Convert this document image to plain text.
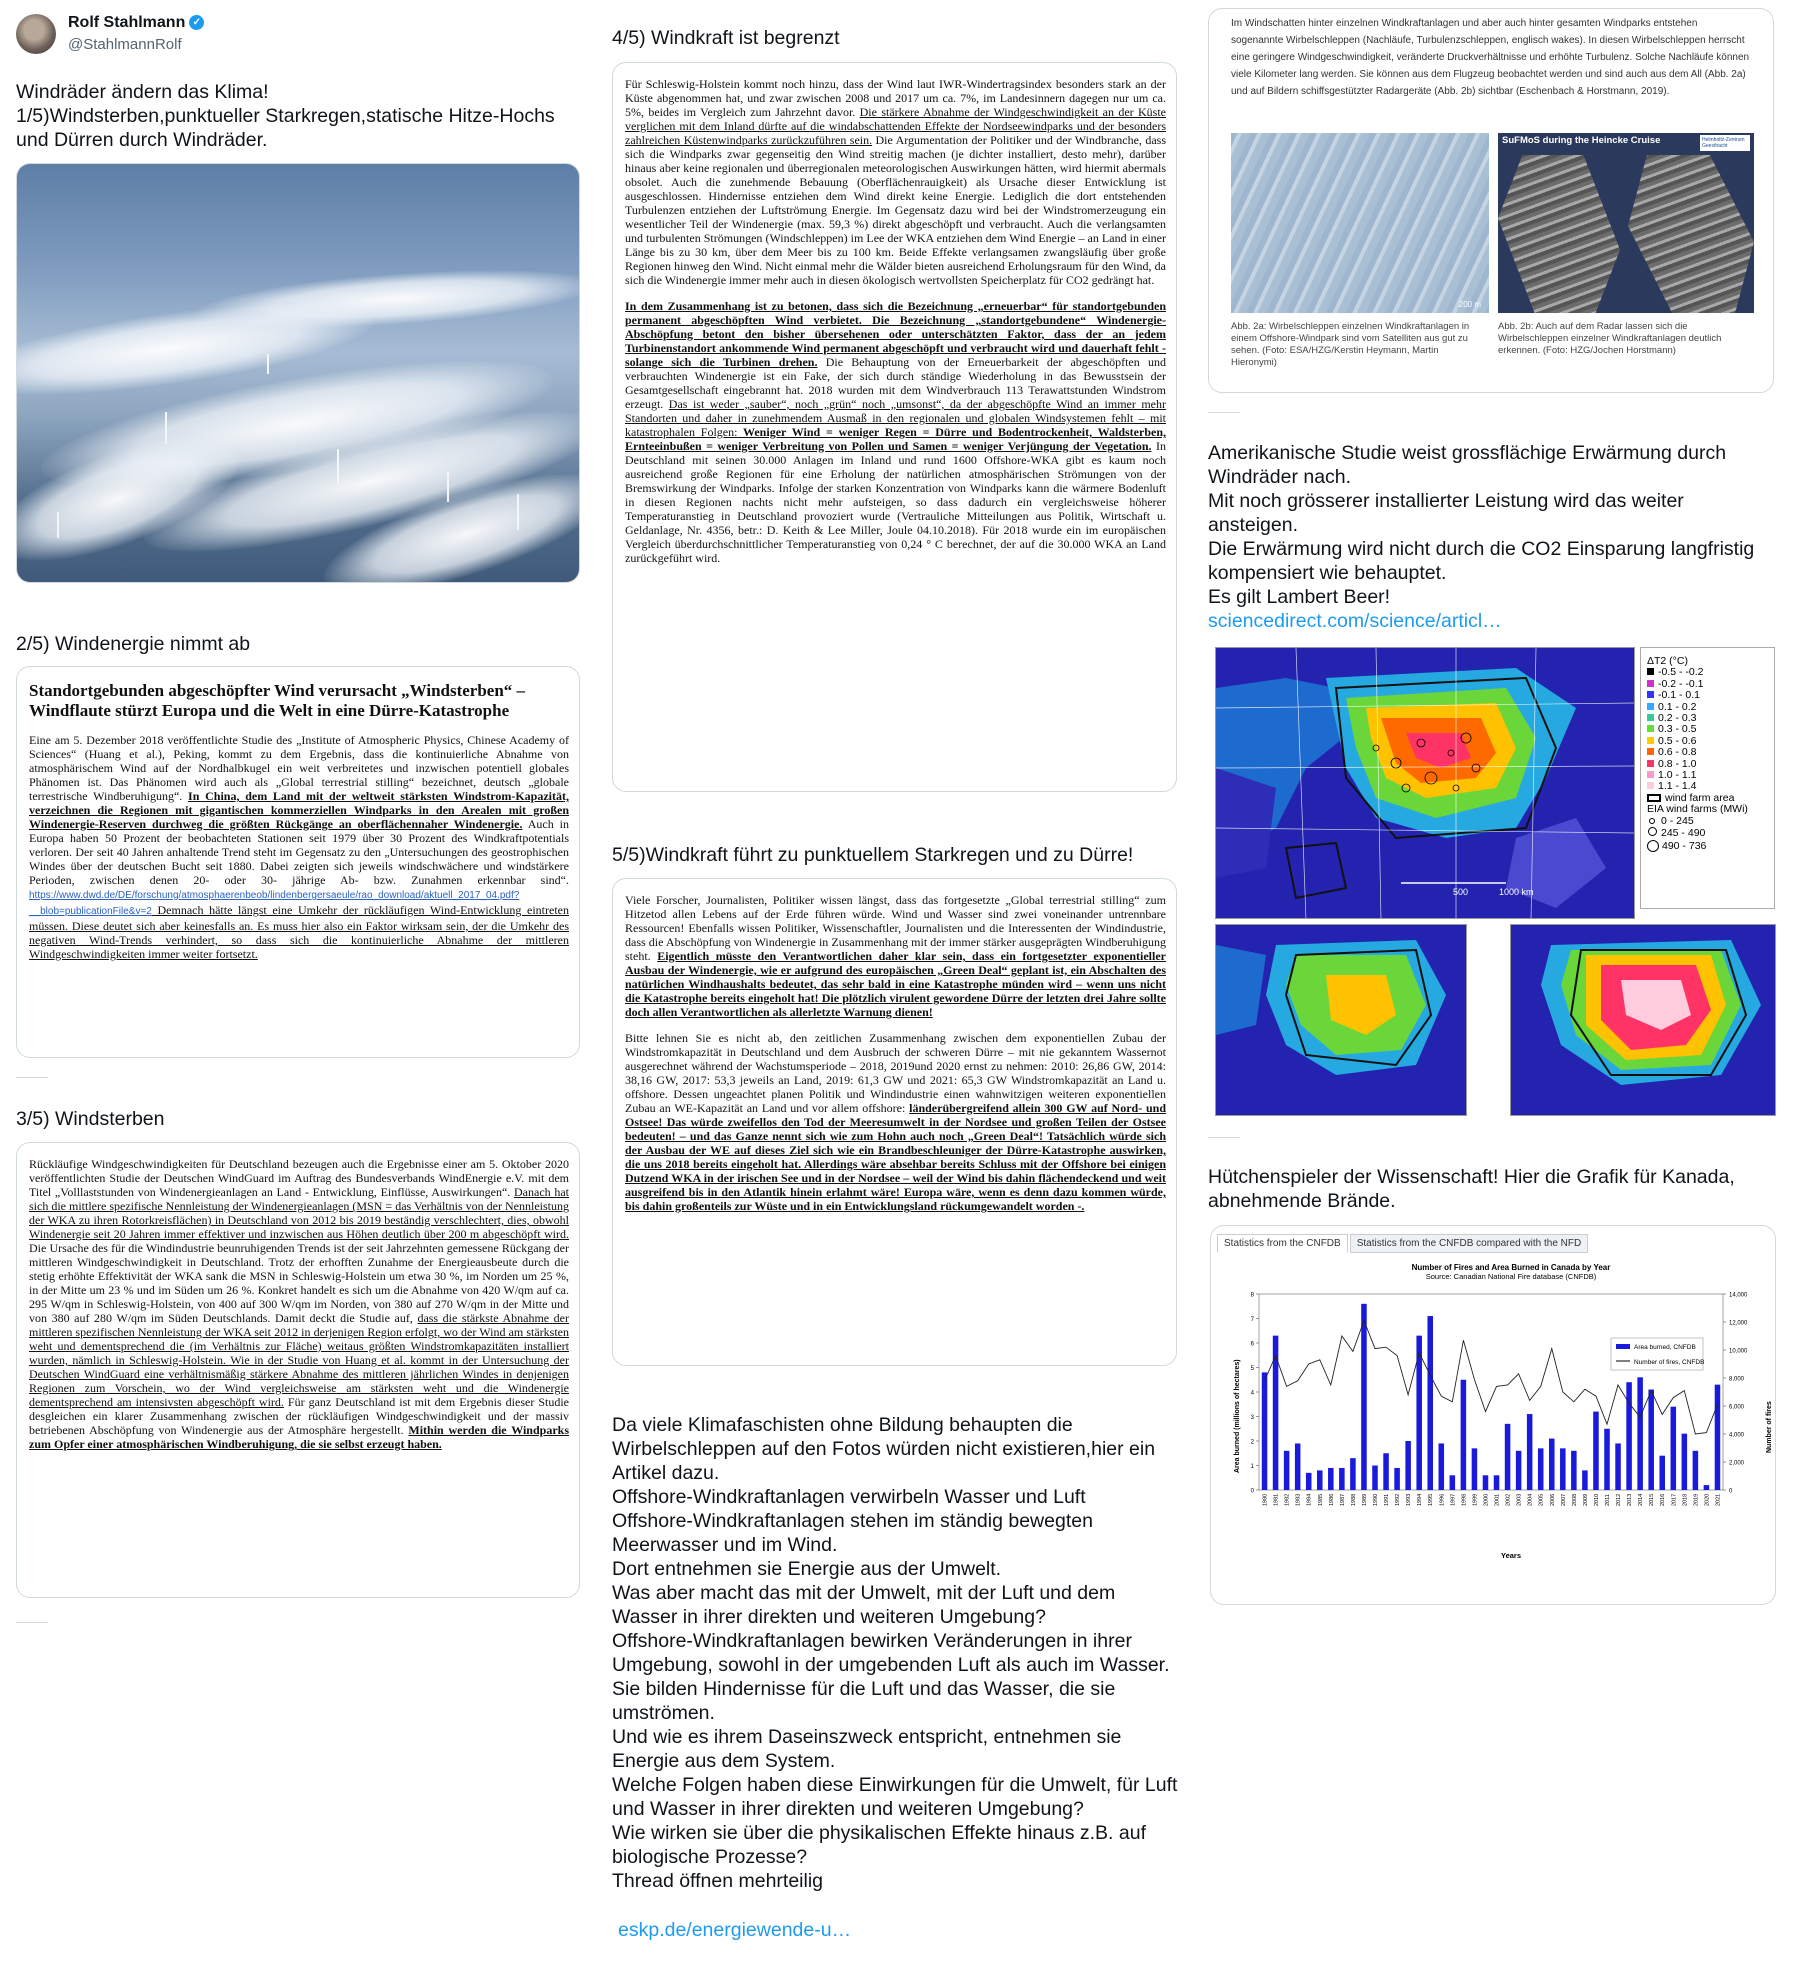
Rolf Stahlmann ✓
@StahlmannRolf
Windräder ändern das Klima!
1/5)Windsterben,punktueller Starkregen,statische Hitze-Hochs und Dürren durch Windräder.
2/5) Windenergie nimmt ab
Standortgebunden abgeschöpfter Wind verursacht „Windsterben“ – Windflaute stürzt Europa und die Welt in eine Dürre-Katastrophe

Eine am 5. Dezember 2018 veröffentlichte Studie des „Institute of Atmospheric Physics, Chinese Academy of Sciences“ (Huang et al.), Peking, kommt zu dem Ergebnis, dass die kontinuierliche Abnahme von atmosphärischem Wind auf der Nordhalbkugel ein weit verbreitetes und inzwischen potentiell globales Phänomen ist. Das Phänomen wird auch als „Global terrestrial stilling“ bezeichnet, deutsch „globale terrestrische Windberuhigung“. In China, dem Land mit der weltweit stärksten Windstrom-Kapazität, verzeichnen die Regionen mit gigantischen kommerziellen Windparks in den Arealen mit großen Windenergie-Reserven durchweg die größten Rückgänge an oberflächennaher Windenergie. Auch in Europa haben 50 Prozent der beobachteten Stationen seit 1979 über 30 Prozent des Windkraftpotentials verloren. Der seit 40 Jahren anhaltende Trend steht im Gegensatz zu den „Untersuchungen des geostrophischen Windes über der deutschen Bucht seit 1880. Dabei zeigten sich jeweils windschwächere und windstärkere Perioden, zwischen denen 20- oder 30- jährige Ab- bzw. Zunahmen erkennbar sind“. https://www.dwd.de/DE/forschung/atmosphaerenbeob/lindenbergersaeule/rao_download/aktuell_2017_04.pdf?__blob=publicationFile&v=2 Demnach hätte längst eine Umkehr der rückläufigen Wind-Entwicklung eintreten müssen. Diese deutet sich aber keinesfalls an. Es muss hier also ein Faktor wirksam sein, der die Umkehr des negativen Wind-Trends verhindert, so dass sich die kontinuierliche Abnahme der mittleren Windgeschwindigkeiten immer weiter fortsetzt.

3/5) Windsterben

Rückläufige Windgeschwindigkeiten für Deutschland bezeugen auch die Ergebnisse einer am 5. Oktober 2020 veröffentlichten Studie der Deutschen WindGuard im Auftrag des Bundesverbands WindEnergie e.V. mit dem Titel „Volllaststunden von Windenergieanlagen an Land - Entwicklung, Einflüsse, Auswirkungen“. Danach hat sich die mittlere spezifische Nennleistung der Windenergieanlagen (MSN = das Verhältnis von der Nennleistung der WKA zu ihren Rotorkreisflächen) in Deutschland von 2012 bis 2019 beständig verschlechtert, dies, obwohl Windenergie seit 20 Jahren immer effektiver und inzwischen aus Höhen deutlich über 200 m abgeschöpft wird. Die Ursache des für die Windindustrie beunruhigenden Trends ist der seit Jahrzehnten gemessene Rückgang der mittleren Windgeschwindigkeit in Deutschland. Trotz der erhofften Zunahme der Energieausbeute durch die stetig erhöhte Effektivität der WKA sank die MSN in Schleswig-Holstein um etwa 30 %, im Norden um 25 %, in der Mitte um 23 % und im Süden um 26 %. Konkret handelt es sich um die Abnahme von 420 W/qm auf ca. 295 W/qm in Schleswig-Holstein, von 400 auf 300 W/qm im Norden, von 380 auf 270 W/qm in der Mitte und von 380 auf 280 W/qm im Süden Deutschlands. Damit deckt die Studie auf, dass die stärkste Abnahme der mittleren spezifischen Nennleistung der WKA seit 2012 in derjenigen Region erfolgt, wo der Wind am stärksten weht und dementsprechend die (im Verhältnis zur Fläche) weitaus größten Windstromkapazitäten installiert wurden, nämlich in Schleswig-Holstein. Wie in der Studie von Huang et al. kommt in der Untersuchung der Deutschen WindGuard eine verhältnismäßig stärkere Abnahme des mittleren jährlichen Windes in denjenigen Regionen zum Vorschein, wo der Wind vergleichsweise am stärksten weht und die Windenergie dementsprechend am intensivsten abgeschöpft wird. Für ganz Deutschland ist mit dem Ergebnis dieser Studie desgleichen ein klarer Zusammenhang zwischen der rückläufigen Windgeschwindigkeit und der massiv betriebenen Abschöpfung von Windenergie aus der Atmosphäre hergestellt. Mithin werden die Windparks zum Opfer einer atmosphärischen Windberuhigung, die sie selbst erzeugt haben.

4/5) Windkraft ist begrenzt

Für Schleswig-Holstein kommt noch hinzu, dass der Wind laut IWR-Windertragsindex besonders stark an der Küste abgenommen hat, und zwar zwischen 2008 und 2017 um ca. 7%, im Landesinnern dagegen nur um ca. 5%, beides im Vergleich zum Jahrzehnt davor. Die stärkere Abnahme der Windgeschwindigkeit an der Küste verglichen mit dem Inland dürfte auf die windabschattenden Effekte der Nordseewindparks und der besonders zahlreichen Küstenwindparks zurückzuführen sein. Die Argumentation der Politiker und der Windbranche, dass sich die Windparks zwar gegenseitig den Wind streitig machen (je dichter installiert, desto mehr), darüber hinaus aber keine regionalen und überregionalen meteorologischen Auswirkungen hätten, wird hiermit abermals obsolet. Auch die zunehmende Bebauung (Oberflächenrauigkeit) als Ursache dieser Entwicklung ist ausgeschlossen. Hindernisse entziehen dem Wind direkt keine Energie. Lediglich die dort entstehenden Turbulenzen entziehen der Luftströmung Energie. Im Gegensatz dazu wird bei der Windstromerzeugung ein wesentlicher Teil der Windenergie (max. 59,3 %) direkt abgeschöpft und verbraucht. Auch die verlangsamten und turbulenten Strömungen (Windschleppen) im Lee der WKA entziehen dem Wind Energie – an Land in einer Länge bis zu 30 km, über dem Meer bis zu 100 km. Beide Effekte verlangsamen zwangsläufig über große Regionen hinweg den Wind. Nicht einmal mehr die Wälder bieten ausreichend Erholungsraum für den Wind, da sich die Windenergie immer mehr auch in diesen ökologisch wertvollsten Speicherplatz für CO2 gedrängt hat.

In dem Zusammenhang ist zu betonen, dass sich die Bezeichnung „erneuerbar“ für standortgebunden permanent abgeschöpften Wind verbietet. Die Bezeichnung „standortgebundene“ Windenergie-Abschöpfung betont den bisher übersehenen oder unterschätzten Faktor, dass der an jedem Turbinenstandort ankommende Wind permanent abgeschöpft und verbraucht wird und dauerhaft fehlt - solange sich die Turbinen drehen. Die Behauptung von der Erneuerbarkeit der abgeschöpften und verbrauchten Windenergie ist ein Fake, der sich durch ständige Wiederholung in das Bewusstsein der Gesamtgesellschaft eingebrannt hat. 2018 wurden mit dem Windverbrauch 113 Terawattstunden Windstrom erzeugt. Das ist weder „sauber“, noch „grün“ noch „umsonst“, da der abgeschöpfte Wind an immer mehr Standorten und daher in zunehmendem Ausmaß in den regionalen und globalen Windsystemen fehlt – mit katastrophalen Folgen: Weniger Wind = weniger Regen = Dürre und Bodentrockenheit, Waldsterben, Ernteeinbußen = weniger Verbreitung von Pollen und Samen = weniger Verjüngung der Vegetation. In Deutschland mit seinen 30.000 Anlagen im Inland und rund 1600 Offshore-WKA gibt es kaum noch ausreichend große Regionen für eine Erholung der natürlichen atmosphärischen Strömungen von der Bremswirkung der Windparks. Infolge der starken Konzentration von Windparks kann die wärmere Bodenluft in diesen Regionen nachts nicht mehr aufsteigen, so dass dadurch ein vergleichsweise höherer Temperaturanstieg in Deutschland provoziert wurde (Vertrauliche Mitteilungen aus Politik, Wirtschaft u. Geldanlage, Nr. 4356, betr.: D. Keith & Lee Miller, Joule 04.10.2018). Für 2018 wurde ein im europäischen Vergleich überdurchschnittlicher Temperaturanstieg von 0,24 ° C berechnet, der auf die 30.000 WKA an Land zurückgeführt wird.

5/5)Windkraft führt zu punktuellem Starkregen und zu Dürre!

Viele Forscher, Journalisten, Politiker wissen längst, dass das fortgesetzte „Global terrestrial stilling“ zum Hitzetod allen Lebens auf der Erde führen würde. Wind und Wasser sind zwei voneinander untrennbare Ressourcen! Ebenfalls wissen Politiker, Wissenschaftler, Journalisten und die Interessenten der Windindustrie, dass die Abschöpfung von Windenergie in Zusammenhang mit der immer stärker ausgeprägten Windberuhigung steht. Eigentlich müsste den Verantwortlichen daher klar sein, dass ein fortgesetzter exponentieller Ausbau der Windenergie, wie er aufgrund des europäischen „Green Deal“ geplant ist, ein Abschalten des natürlichen Windhaushalts bedeutet, das sehr bald in eine Katastrophe münden wird – wenn uns nicht die Katastrophe bereits eingeholt hat! Die plötzlich virulent gewordene Dürre der letzten drei Jahre sollte doch allen Verantwortlichen als allerletzte Warnung dienen!

Bitte lehnen Sie es nicht ab, den zeitlichen Zusammenhang zwischen dem exponentiellen Zubau der Windstromkapazität in Deutschland und dem Ausbruch der schweren Dürre – mit nie gekanntem Wassernot ausgerechnet während der Wachstumsperiode – 2018, 2019und 2020 ernst zu nehmen: 2010: 26,86 GW, 2014: 38,16 GW, 2017: 53,3 jeweils an Land, 2019: 61,3 GW und 2021: 65,3 GW Windstromkapazität an Land u. offshore. Dessen ungeachtet planen Politik und Windindustrie einen wahnwitzigen weiteren exponentiellen Zubau an WE-Kapazität an Land und vor allem offshore: länderübergreifend allein 300 GW auf Nord- und Ostsee! Das würde zweifellos den Tod der Meeresumwelt in der Nordsee und großen Teilen der Ostsee bedeuten! – und das Ganze nennt sich wie zum Hohn auch noch „Green Deal“! Tatsächlich würde sich der Ausbau der WE auf dieses Ziel sich wie ein Brandbeschleuniger der Dürre-Katastrophe auswirken, die uns 2018 bereits eingeholt hat. Allerdings wäre absehbar bereits Schluss mit der Offshore bei einigen Dutzend WKA in der irischen See und in der Nordsee – weil der Wind bis dahin flächendeckend und weit ausgreifend bis in den Atlantik hinein erlahmt wäre! Europa wäre, wenn es denn dazu kommen würde, bis dahin großenteils zur Wüste und in ein Entwicklungsland rückumgewandelt worden -.

Da viele Klimafaschisten ohne Bildung behaupten die Wirbelschleppen auf den Fotos würden nicht existieren,hier ein Artikel dazu.
Offshore-Windkraftanlagen verwirbeln Wasser und Luft
Offshore-Windkraftanlagen stehen im ständig bewegten Meerwasser und im Wind.
Dort entnehmen sie Energie aus der Umwelt.
Was aber macht das mit der Umwelt, mit der Luft und dem Wasser in ihrer direkten und weiteren Umgebung?
Offshore-Windkraftanlagen bewirken Veränderungen in ihrer Umgebung, sowohl in der umgebenden Luft als auch im Wasser.
Sie bilden Hindernisse für die Luft und das Wasser, die sie umströmen.
Und wie es ihrem Daseinszweck entspricht, entnehmen sie Energie aus dem System.
Welche Folgen haben diese Einwirkungen für die Umwelt, für Luft und Wasser in ihrer direkten und weiteren Umgebung?
Wie wirken sie über die physikalischen Effekte hinaus z.B. auf biologische Prozesse?
Thread öffnen mehrteilig
eskp.de/energiewende-u…
Im Windschatten hinter einzelnen Windkraftanlagen und aber auch hinter gesamten Windparks entstehen sogenannte Wirbelschleppen (Nachläufe, Turbulenzschleppen, englisch wakes). In diesen Wirbelschleppen herrscht eine geringere Windgeschwindigkeit, veränderte Druckverhältnisse und erhöhte Turbulenz. Solche Nachläufe können viele Kilometer lang werden. Sie können aus dem Flugzeug beobachtet werden und sind auch aus dem All (Abb. 2a) und auf Bildern schiffsgestützter Radargeräte (Abb. 2b) sichtbar (Eschenbach & Horstmann, 2019).
200 m
SuFMoS during the Heincke Cruise	Helmholtz-Zentrum Geesthacht
Abb. 2a: Wirbelschleppen einzelnen Windkraftanlagen in einem Offshore-Windpark sind vom Satelliten aus gut zu sehen. (Foto: ESA/HZG/Kerstin Heymann, Martin Hieronymi)
Abb. 2b: Auch auf dem Radar lassen sich die Wirbelschleppen einzelner Windkraftanlagen deutlich erkennen. (Foto: HZG/Jochen Horstmann)
Amerikanische Studie weist grossflächige Erwärmung durch Windräder nach.
Mit noch grösserer installierter Leistung wird das weiter ansteigen.
Die Erwärmung wird nicht durch die CO2 Einsparung langfristig kompensiert wie behauptet.
Es gilt Lambert Beer!
sciencedirect.com/science/articl…
500	1000 km
ΔT2 (°C)
-0.5 - -0.2
-0.2 - -0.1
-0.1 - 0.1
0.1 - 0.2
0.2 - 0.3
0.3 - 0.5
0.5 - 0.6
0.6 - 0.8
0.8 - 1.0
1.0 - 1.1
1.1 - 1.4
wind farm area
EIA wind farms (MWi)
0 - 245
245 - 490
490 - 736
Hütchenspieler der Wissenschaft! Hier die Grafik für Kanada, abnehmende Brände.
Statistics from the CNFDB Statistics from the CNFDB compared with the NFD
Number of Fires and Area Burned in Canada by Year
Source: Canadian National Fire database (CNFDB)
Area burned (millions of hectares)	Number of fires
Years
0
1
2
3
4
5
6
7
8
0
2,000
4,000
6,000
8,000
10,000
12,000
14,000
1980 1981 1982 1983 1984 1985 1986 1987 1988 1989 1990 1991 1992 1993 1994 1995 1996 1997 1998 1999 2000 2001 2002 2003 2004 2005 2006 2007 2008 2009 2010 2011 2012 2013 2014 2015 2016 2017 2018 2019 2020 2021
Area burned, CNFDB
Number of fires, CNFDB
